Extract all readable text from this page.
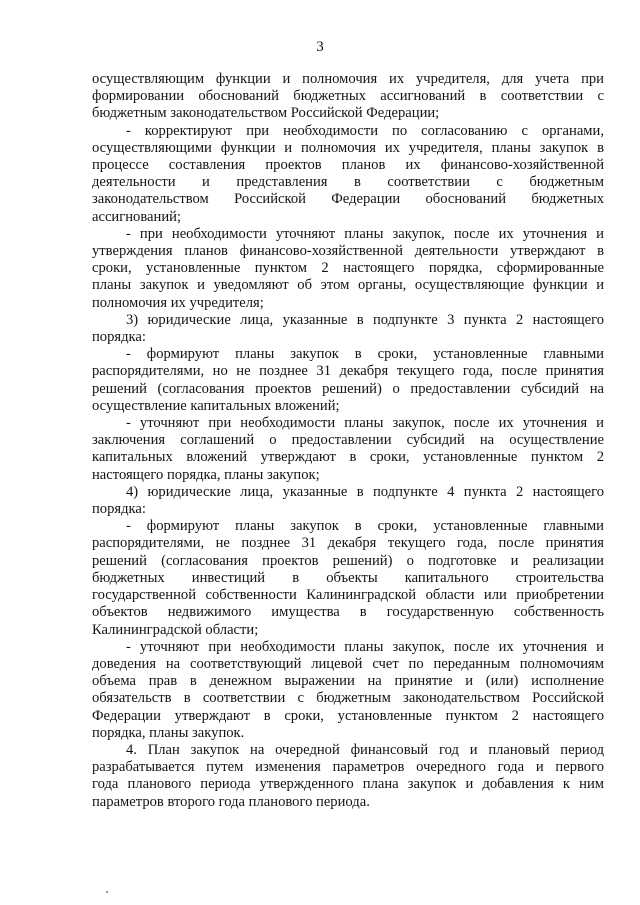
3
осуществляющим функции и полномочия их учредителя, для учета при
формировании обоснований бюджетных ассигнований в соответствии с
бюджетным законодательством Российской Федерации;
- корректируют при необходимости по согласованию с органами,
осуществляющими функции и полномочия их учредителя, планы закупок в
процессе составления проектов планов их финансово-хозяйственной
деятельности и представления в соответствии с бюджетным
законодательством Российской Федерации обоснований бюджетных
ассигнований;
- при необходимости уточняют планы закупок, после их уточнения и
утверждения планов финансово-хозяйственной деятельности утверждают в
сроки, установленные пунктом 2 настоящего порядка, сформированные
планы закупок и уведомляют об этом органы, осуществляющие функции и
полномочия их учредителя;
3) юридические лица, указанные в подпункте 3 пункта 2 настоящего
порядка:
- формируют планы закупок в сроки, установленные главными
распорядителями, но не позднее 31 декабря текущего года, после принятия
решений (согласования проектов решений) о предоставлении субсидий на
осуществление капитальных вложений;
- уточняют при необходимости планы закупок, после их уточнения и
заключения соглашений о предоставлении субсидий на осуществление
капитальных вложений утверждают в сроки, установленные пунктом 2
настоящего порядка, планы закупок;
4) юридические лица, указанные в подпункте 4 пункта 2 настоящего
порядка:
- формируют планы закупок в сроки, установленные главными
распорядителями, не позднее 31 декабря текущего года, после принятия
решений (согласования проектов решений) о подготовке и реализации
бюджетных инвестиций в объекты капитального строительства
государственной собственности Калининградской области или приобретении
объектов недвижимого имущества в государственную собственность
Калининградской области;
- уточняют при необходимости планы закупок, после их уточнения и
доведения на соответствующий лицевой счет по переданным полномочиям
объема прав в денежном выражении на принятие и (или) исполнение
обязательств в соответствии с бюджетным законодательством Российской
Федерации утверждают в сроки, установленные пунктом 2 настоящего
порядка, планы закупок.
4. План закупок на очередной финансовый год и плановый период
разрабатывается путем изменения параметров очередного года и первого
года планового периода утвержденного плана закупок и добавления к ним
параметров второго года планового периода.
